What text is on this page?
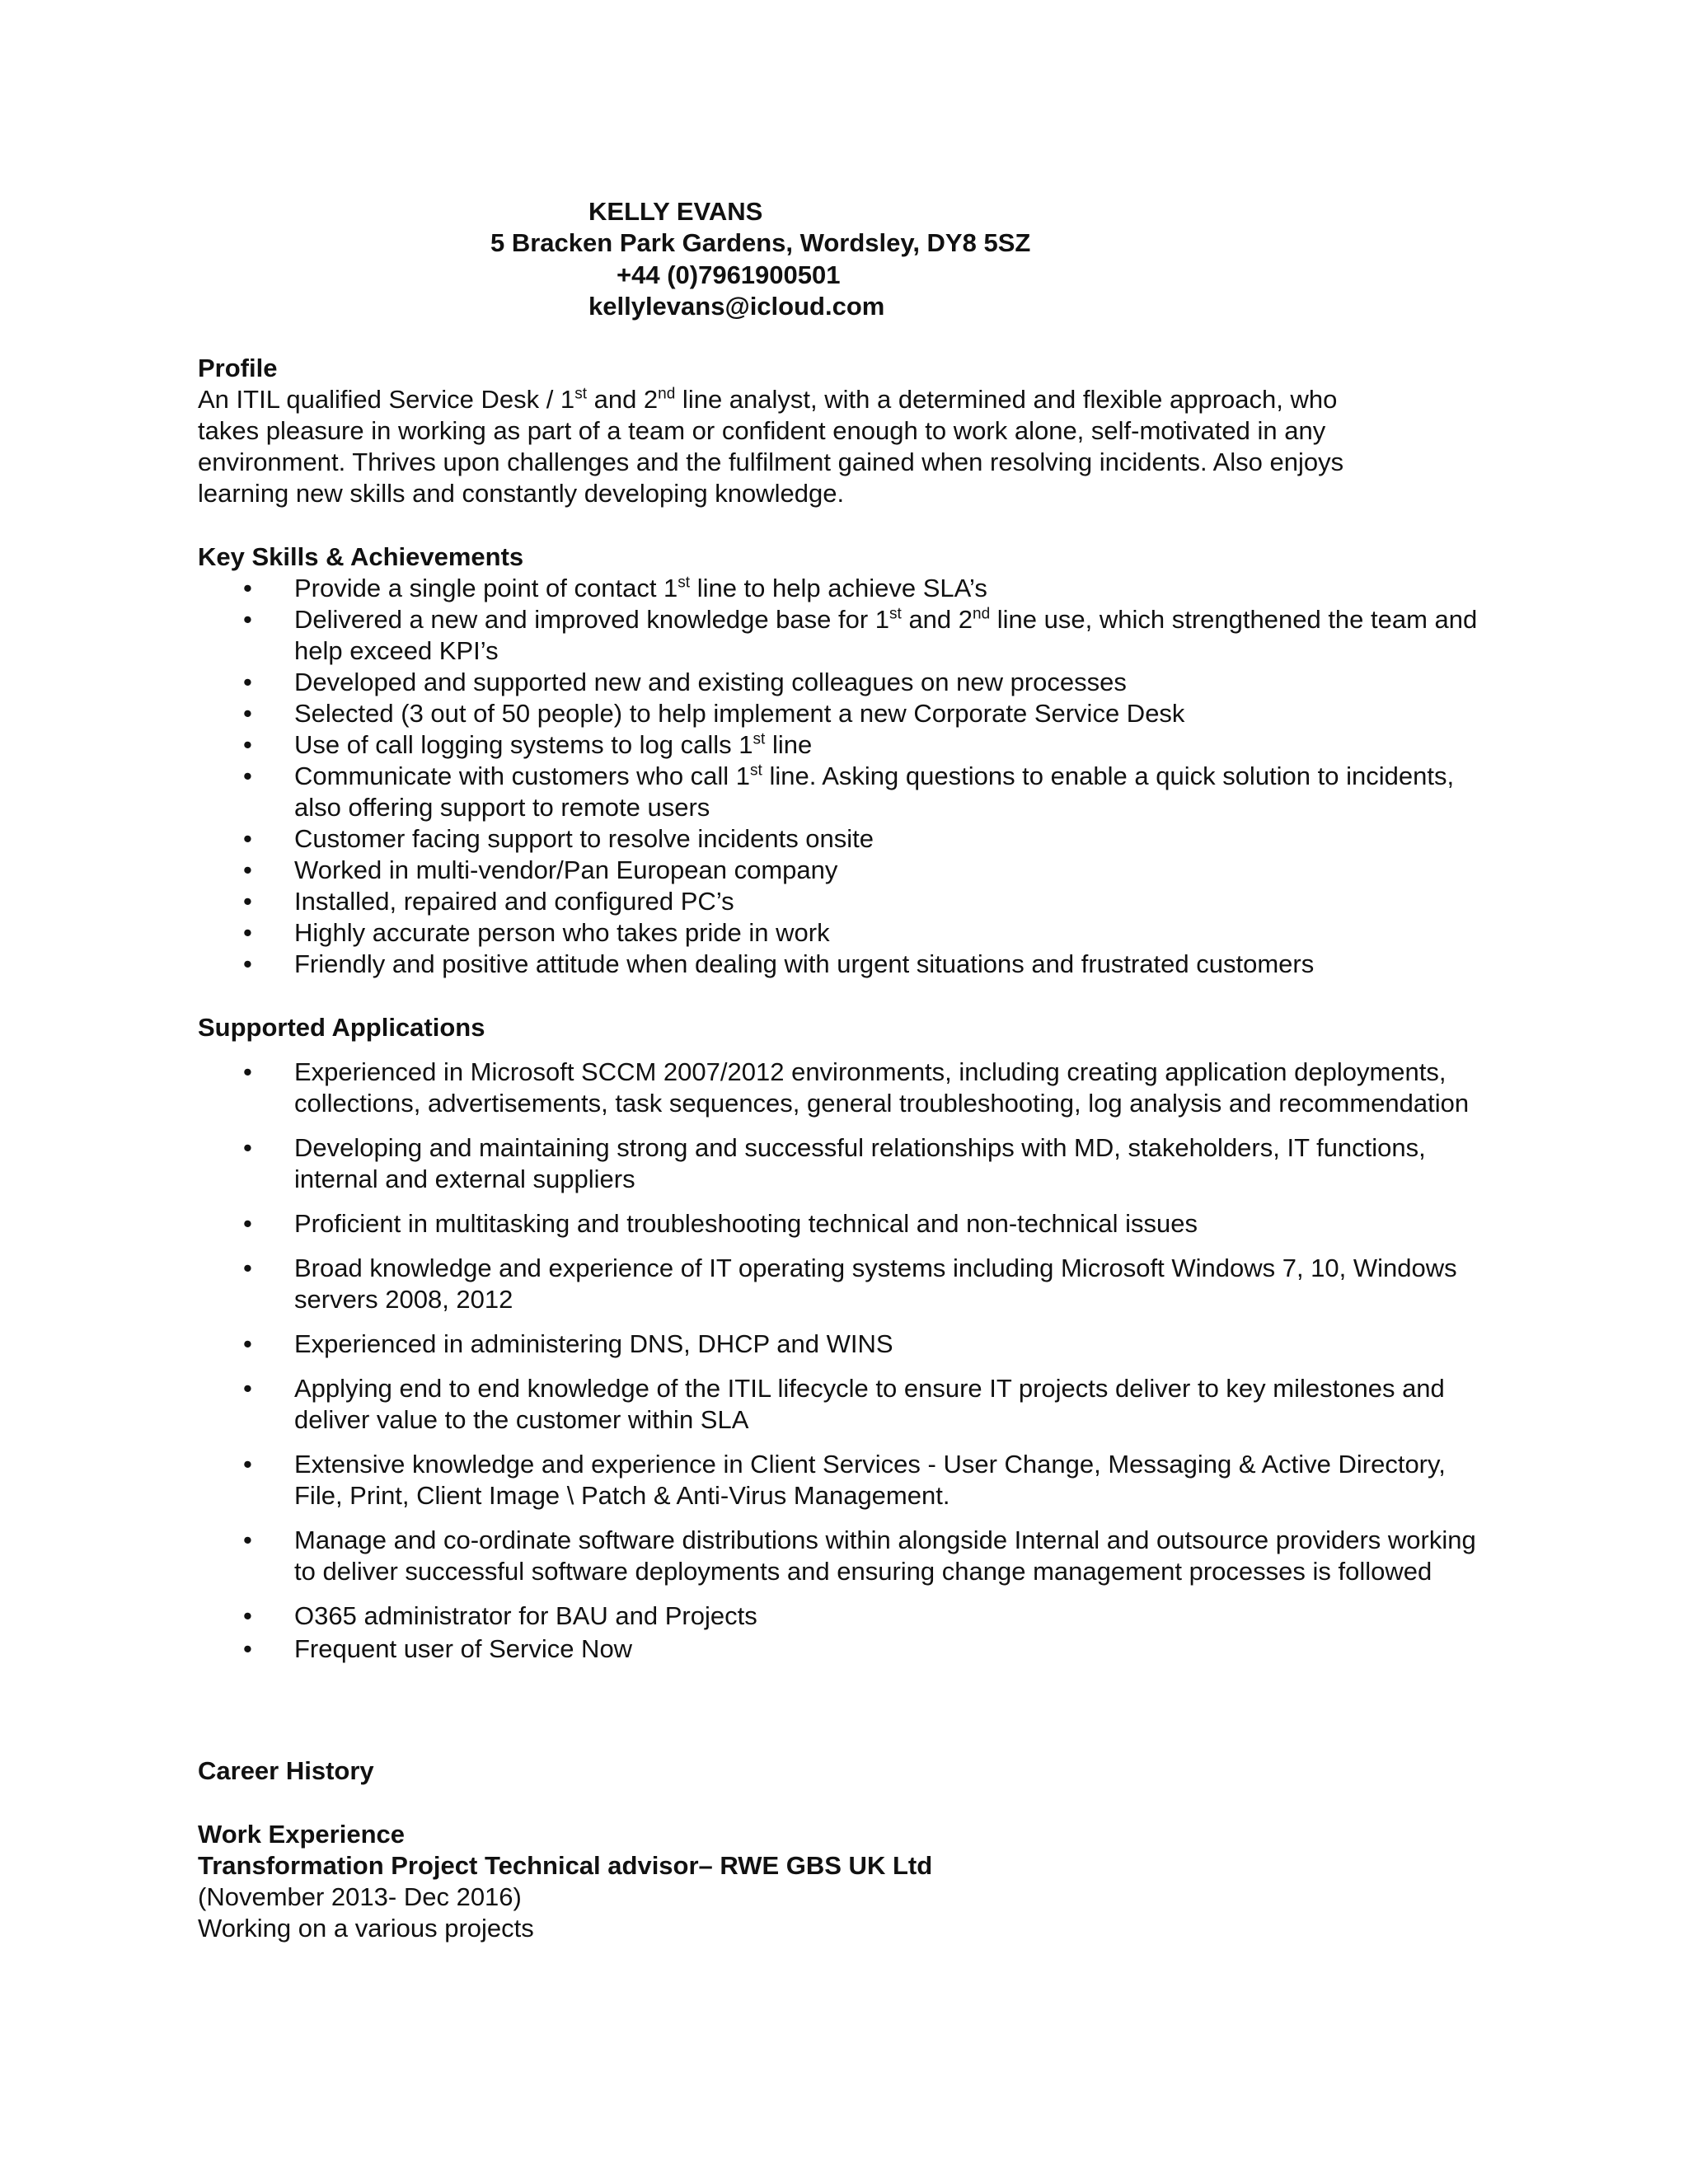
KELLY EVANS
5 Bracken Park Gardens, Wordsley, DY8 5SZ
+44 (0)7961900501
kellylevans@icloud.com
Profile
An ITIL qualified Service Desk / 1st and 2nd line analyst, with a determined and flexible approach, who
takes pleasure in working as part of a team or confident enough to work alone, self-motivated in any
environment. Thrives upon challenges and the fulfilment gained when resolving incidents. Also enjoys
learning new skills and constantly developing knowledge.
Key Skills & Achievements
• Provide a single point of contact 1st line to help achieve SLA’s
• Delivered a new and improved knowledge base for 1st and 2nd line use, which strengthened the team and help exceed KPI’s
• Developed and supported new and existing colleagues on new processes
• Selected (3 out of 50 people) to help implement a new Corporate Service Desk
• Use of call logging systems to log calls 1st line
• Communicate with customers who call 1st line. Asking questions to enable a quick solution to incidents, also offering support to remote users
• Customer facing support to resolve incidents onsite
• Worked in multi-vendor/Pan European company
• Installed, repaired and configured PC’s
• Highly accurate person who takes pride in work
• Friendly and positive attitude when dealing with urgent situations and frustrated customers
Supported Applications
• Experienced in Microsoft SCCM 2007/2012 environments, including creating application deployments, collections, advertisements, task sequences, general troubleshooting, log analysis and recommendation
• Developing and maintaining strong and successful relationships with MD, stakeholders, IT functions, internal and external suppliers
• Proficient in multitasking and troubleshooting technical and non-technical issues
• Broad knowledge and experience of IT operating systems including Microsoft Windows 7, 10, Windows servers 2008, 2012
• Experienced in administering DNS, DHCP and WINS
• Applying end to end knowledge of the ITIL lifecycle to ensure IT projects deliver to key milestones and deliver value to the customer within SLA
• Extensive knowledge and experience in Client Services - User Change, Messaging & Active Directory, File, Print, Client Image \ Patch & Anti-Virus Management.
• Manage and co-ordinate software distributions within alongside Internal and outsource providers working to deliver successful software deployments and ensuring change management processes is followed
• O365 administrator for BAU and Projects
• Frequent user of Service Now
Career History
Work Experience
Transformation Project Technical advisor– RWE GBS UK Ltd
(November 2013- Dec 2016)
Working on a various projects
